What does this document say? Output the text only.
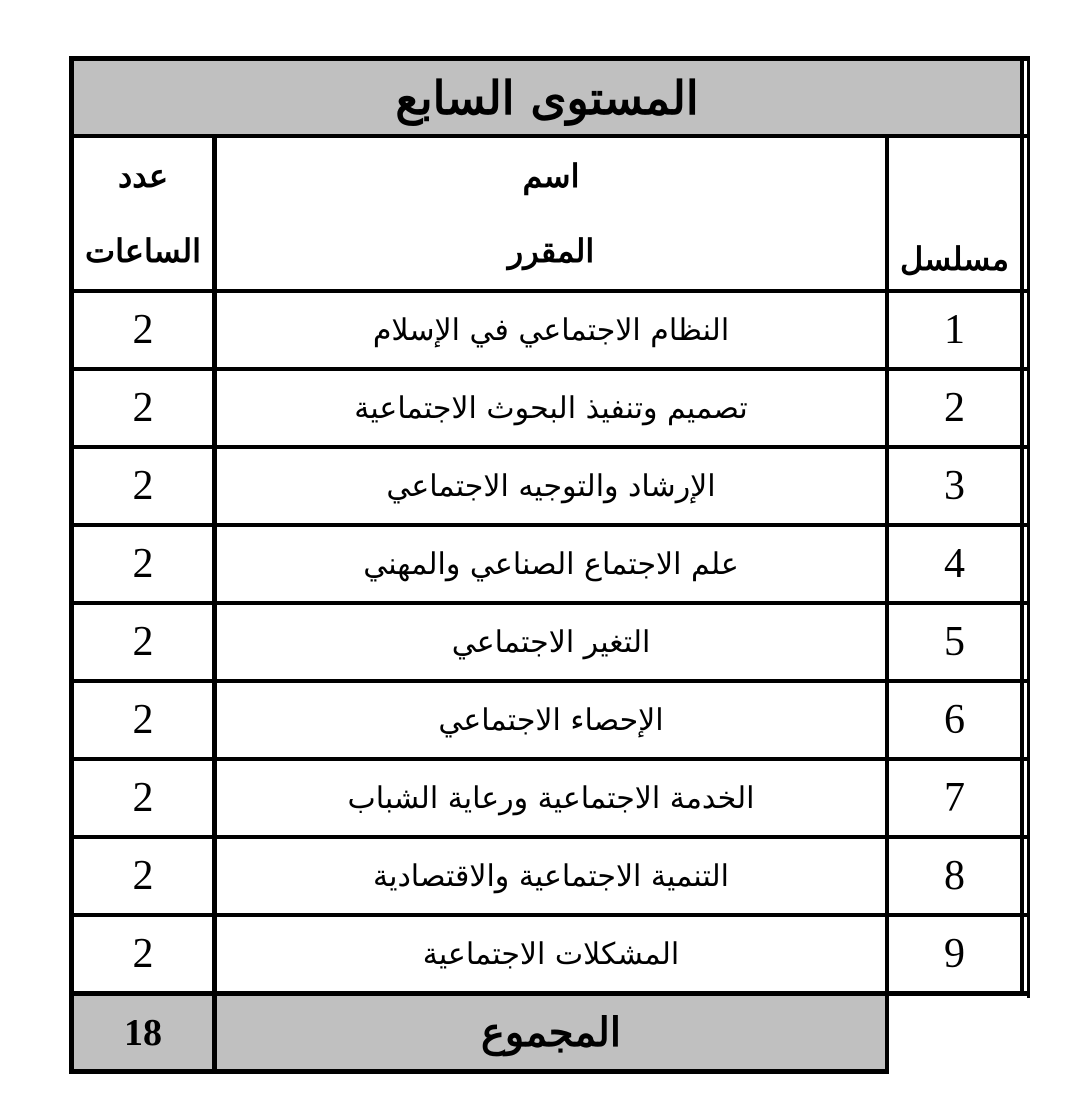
المستوى السابع
مسلسل
اسم
المقرر
عدد
الساعات
1
النظام الاجتماعي في الإسلام
2
2
تصميم وتنفيذ البحوث الاجتماعية
2
3
الإرشاد والتوجيه الاجتماعي
2
4
علم الاجتماع الصناعي والمهني
2
5
التغير الاجتماعي
2
6
الإحصاء الاجتماعي
2
7
الخدمة الاجتماعية ورعاية الشباب
2
8
التنمية الاجتماعية والاقتصادية
2
9
المشكلات الاجتماعية
2
المجموع
18
